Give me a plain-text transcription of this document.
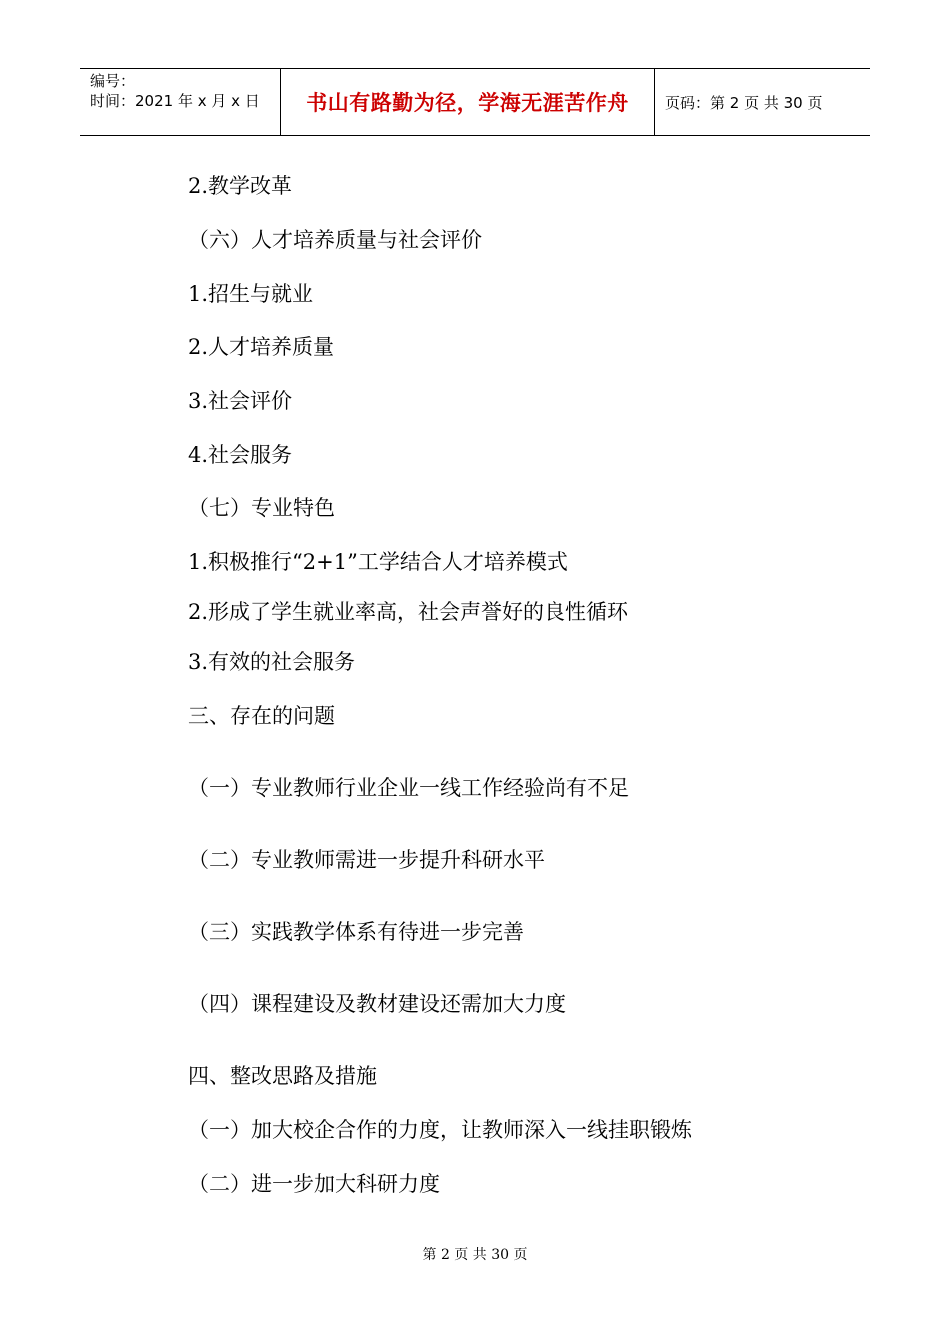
编号：
时间：2021 年 x 月 x 日	书山有路勤为径，学海无涯苦作舟	页码：第 2 页 共 30 页
2.教学改革
（六）人才培养质量与社会评价
1.招生与就业
2.人才培养质量
3.社会评价
4.社会服务
（七）专业特色
1.积极推行“2+1”工学结合人才培养模式
2.形成了学生就业率高，社会声誉好的良性循环
3.有效的社会服务
三、存在的问题
（一）专业教师行业企业一线工作经验尚有不足
（二）专业教师需进一步提升科研水平
（三）实践教学体系有待进一步完善
（四）课程建设及教材建设还需加大力度
四、整改思路及措施
（一）加大校企合作的力度，让教师深入一线挂职锻炼
（二）进一步加大科研力度
第 2 页 共 30 页
